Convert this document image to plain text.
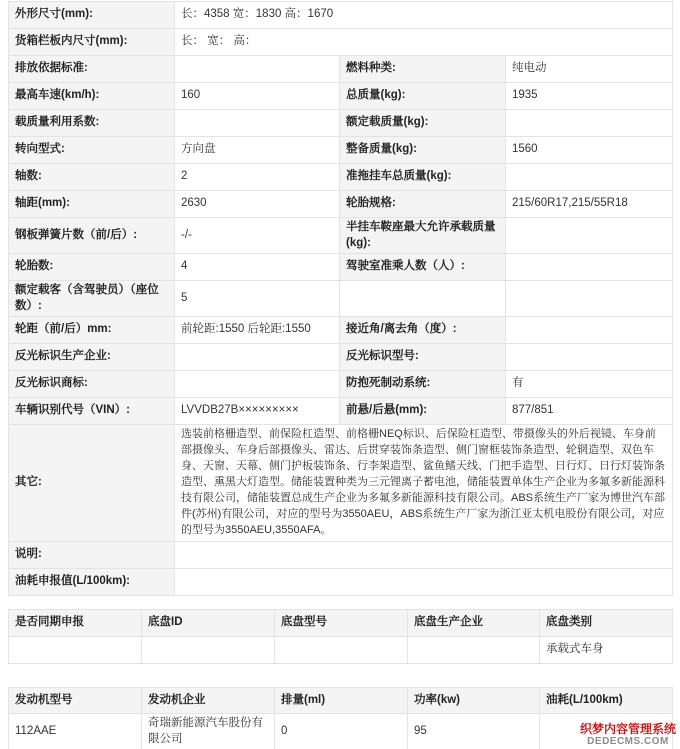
外形尺寸(mm):	长：4358 宽：1830 高：1670		
货箱栏板内尺寸(mm):	长： 宽： 高：		
排放依据标准:		燃料种类:	纯电动
最高车速(km/h):	160	总质量(kg):	1935
载质量利用系数:		额定载质量(kg):	
转向型式:	方向盘	整备质量(kg):	1560
轴数:	2	准拖挂车总质量(kg):	
轴距(mm):	2630	轮胎规格:	215/60R17,215/55R18
钢板弹簧片数（前/后）:	-/-	半挂车鞍座最大允许承载质量(kg):	
轮胎数:	4	驾驶室准乘人数（人）:	
额定载客（含驾驶员）（座位数）:	5		
轮距（前/后）mm:	前轮距:1550 后轮距:1550	接近角/离去角（度）:	
反光标识生产企业:		反光标识型号:	
反光标识商标:		防抱死制动系统:	有
车辆识别代号（VIN）:	LVVDB27B×××××××××	前悬/后悬(mm):	877/851
其它:	选装前格栅造型、前保险杠造型、前格栅NEQ标识、后保险杠造型、带摄像头的外后视镜、车身前部摄像头、车身后部摄像头、雷达、后贯穿装饰条造型、侧门窗框装饰条造型、轮辋造型、双色车身、天窗、天幕、侧门护板装饰条、行李架造型、鲨鱼鳍天线、门把手造型、日行灯、日行灯装饰条造型、熏黑大灯造型。储能装置种类为三元锂离子蓄电池，储能装置单体生产企业为多氟多新能源科技有限公司，储能装置总成生产企业为多氟多新能源科技有限公司。ABS系统生产厂家为博世汽车部件(苏州)有限公司，对应的型号为3550AEU，ABS系统生产厂家为浙江亚太机电股份有限公司，对应的型号为3550AEU,3550AFA。		
说明:			
油耗申报值(L/100km):			
是否同期申报	底盘ID	底盘型号	底盘生产企业	底盘类别
				承载式车身
发动机型号	发动机企业	排量(ml)	功率(kw)	油耗(L/100km)
112AAE	奇瑞新能源汽车股份有限公司	0	95		织梦内容管理系统
DEDECMS.COM
